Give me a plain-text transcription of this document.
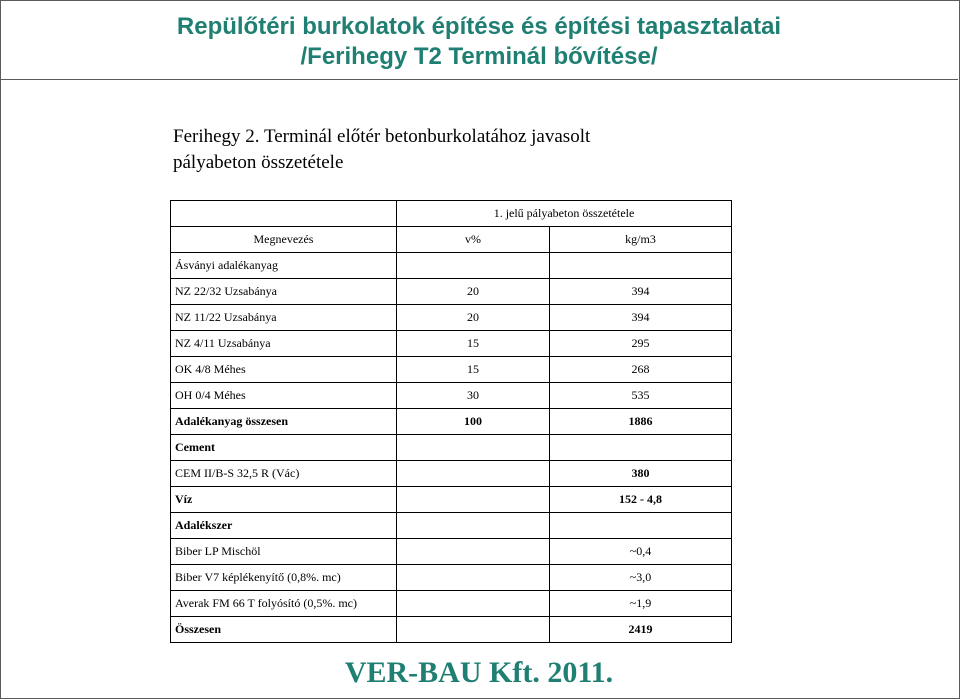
Repülőtéri burkolatok építése és építési tapasztalatai
/Ferihegy T2 Terminál bővítése/
Ferihegy 2. Terminál előtér betonburkolatához javasolt
pályabeton összetétele
	1. jelű pályabeton összetétele	
Megnevezés	v%	kg/m3
Ásványi adalékanyag		
NZ 22/32 Uzsabánya	20	394
NZ 11/22 Uzsabánya	20	394
NZ 4/11 Uzsabánya	15	295
OK 4/8 Méhes	15	268
OH 0/4 Méhes	30	535
Adalékanyag összesen	100	1886
Cement		
CEM II/B-S 32,5 R (Vác)		380
Víz		152 - 4,8
Adalékszer		
Biber LP Mischöl		~0,4
Biber V7 képlékenyítő (0,8%. mc)		~3,0
Averak FM 66 T folyósító (0,5%. mc)		~1,9
Összesen		2419
VER-BAU Kft. 2011.
